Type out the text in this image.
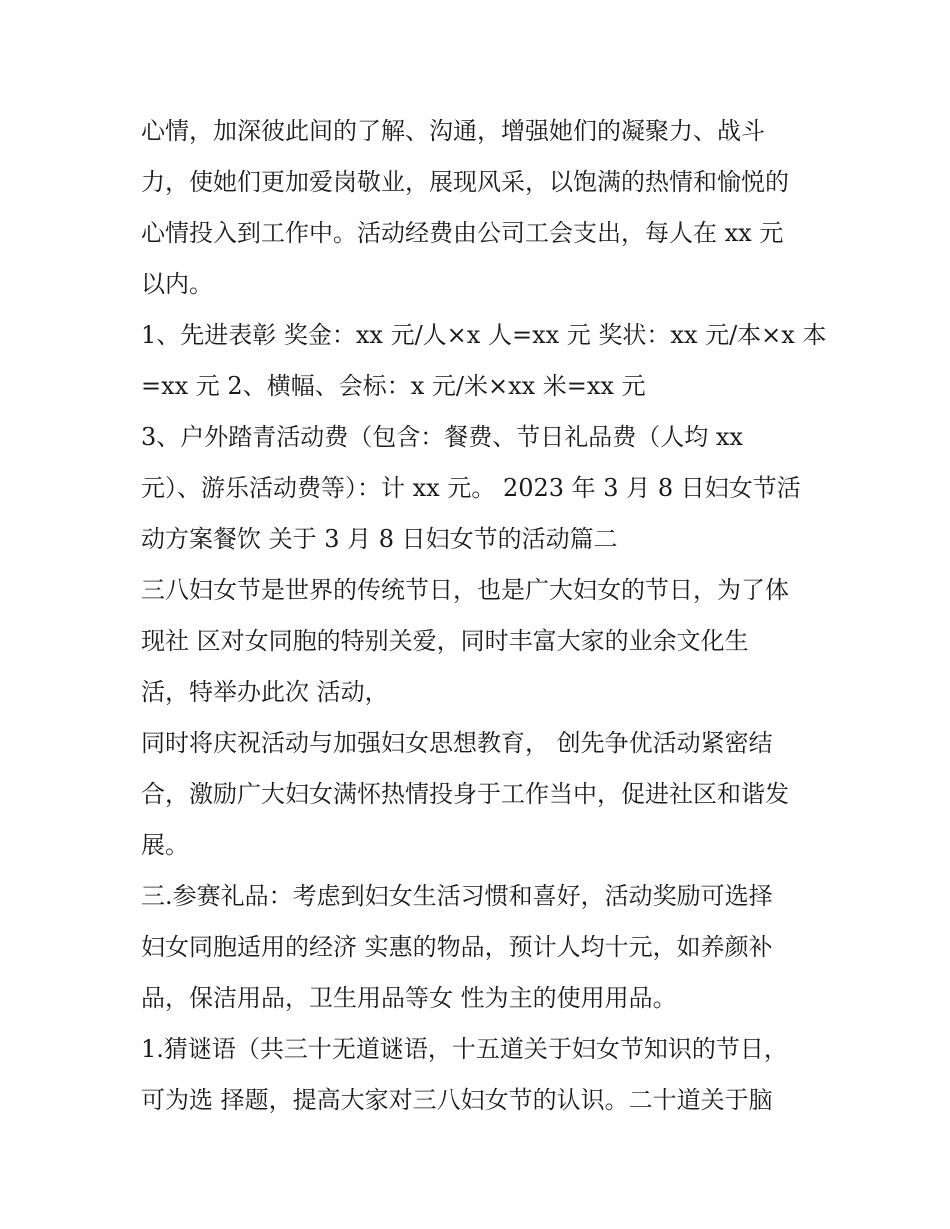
心情，加深彼此间的了解、沟通，增强她们的凝聚力、战斗

力，使她们更加爱岗敬业，展现风采，以饱满的热情和愉悦的

心情投入到工作中。活动经费由公司工会支出，每人在 xx 元

以内。

1、先进表彰 奖金：xx 元/人×x 人=xx 元 奖状：xx 元/本×x 本

=xx 元 2、横幅、会标：x 元/米×xx 米=xx 元

3、户外踏青活动费（包含：餐费、节日礼品费（人均 xx

元）、游乐活动费等）：计 xx 元。 2023 年 3 月 8 日妇女节活

动方案餐饮 关于 3 月 8 日妇女节的活动篇二

三八妇女节是世界的传统节日，也是广大妇女的节日，为了体

现社 区对女同胞的特别关爱，同时丰富大家的业余文化生

活，特举办此次 活动，

同时将庆祝活动与加强妇女思想教育， 创先争优活动紧密结

合，激励广大妇女满怀热情投身于工作当中，促进社区和谐发

展。

三.参赛礼品：考虑到妇女生活习惯和喜好，活动奖励可选择

妇女同胞适用的经济 实惠的物品，预计人均十元，如养颜补

品，保洁用品，卫生用品等女 性为主的使用用品。

1.猜谜语（共三十无道谜语，十五道关于妇女节知识的节日，

可为选 择题，提高大家对三八妇女节的认识。二十道关于脑
